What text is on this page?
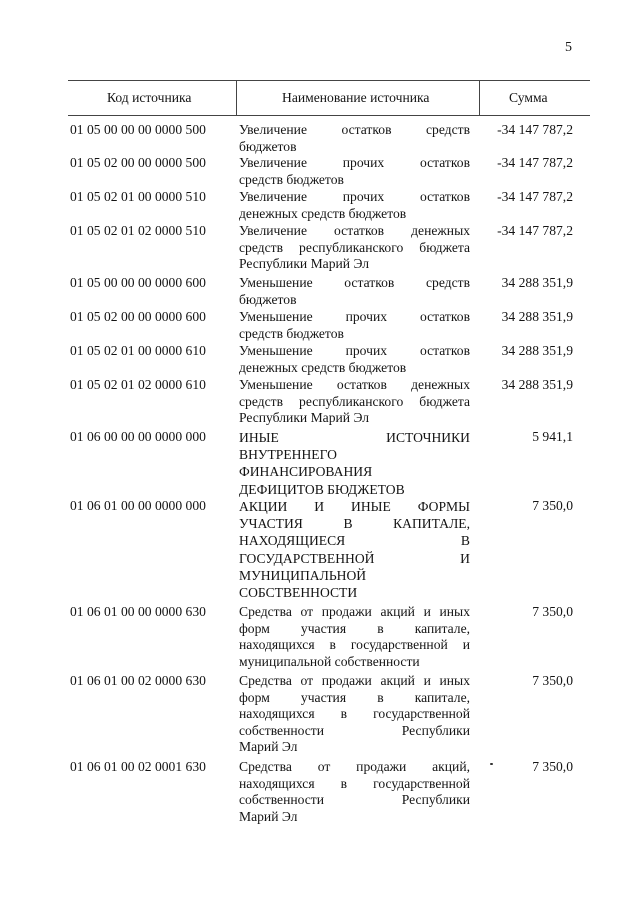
5
Код источника	Наименование источника	Сумма
01 05 00 00 00 0000 500 Увеличение остатков средств
бюджетов
-34 147 787,2
01 05 02 00 00 0000 500 Увеличение прочих остатков
средств бюджетов
-34 147 787,2
01 05 02 01 00 0000 510 Увеличение прочих остатков
денежных средств бюджетов
-34 147 787,2
01 05 02 01 02 0000 510 Увеличение остатков денежных
средств республиканского бюджета
Республики Марий Эл
-34 147 787,2
01 05 00 00 00 0000 600 Уменьшение остатков средств
бюджетов
34 288 351,9
01 05 02 00 00 0000 600 Уменьшение прочих остатков
средств бюджетов
34 288 351,9
01 05 02 01 00 0000 610 Уменьшение прочих остатков
денежных средств бюджетов
34 288 351,9
01 05 02 01 02 0000 610 Уменьшение остатков денежных
средств республиканского бюджета
Республики Марий Эл
34 288 351,9
01 06 00 00 00 0000 000 ИНЫЕ ИСТОЧНИКИ
ВНУТРЕННЕГО
ФИНАНСИРОВАНИЯ
ДЕФИЦИТОВ БЮДЖЕТОВ
5 941,1
01 06 01 00 00 0000 000 АКЦИИ И ИНЫЕ ФОРМЫ
УЧАСТИЯ В КАПИТАЛЕ,
НАХОДЯЩИЕСЯ В
ГОСУДАРСТВЕННОЙ И
МУНИЦИПАЛЬНОЙ
СОБСТВЕННОСТИ
7 350,0
01 06 01 00 00 0000 630 Средства от продажи акций и иных
форм участия в капитале,
находящихся в государственной и
муниципальной собственности
7 350,0
01 06 01 00 02 0000 630 Средства от продажи акций и иных
форм участия в капитале,
находящихся в государственной
собственности Республики
Марий Эл
7 350,0
01 06 01 00 02 0001 630 Средства от продажи акций,
находящихся в государственной
собственности Республики
Марий Эл
7 350,0
